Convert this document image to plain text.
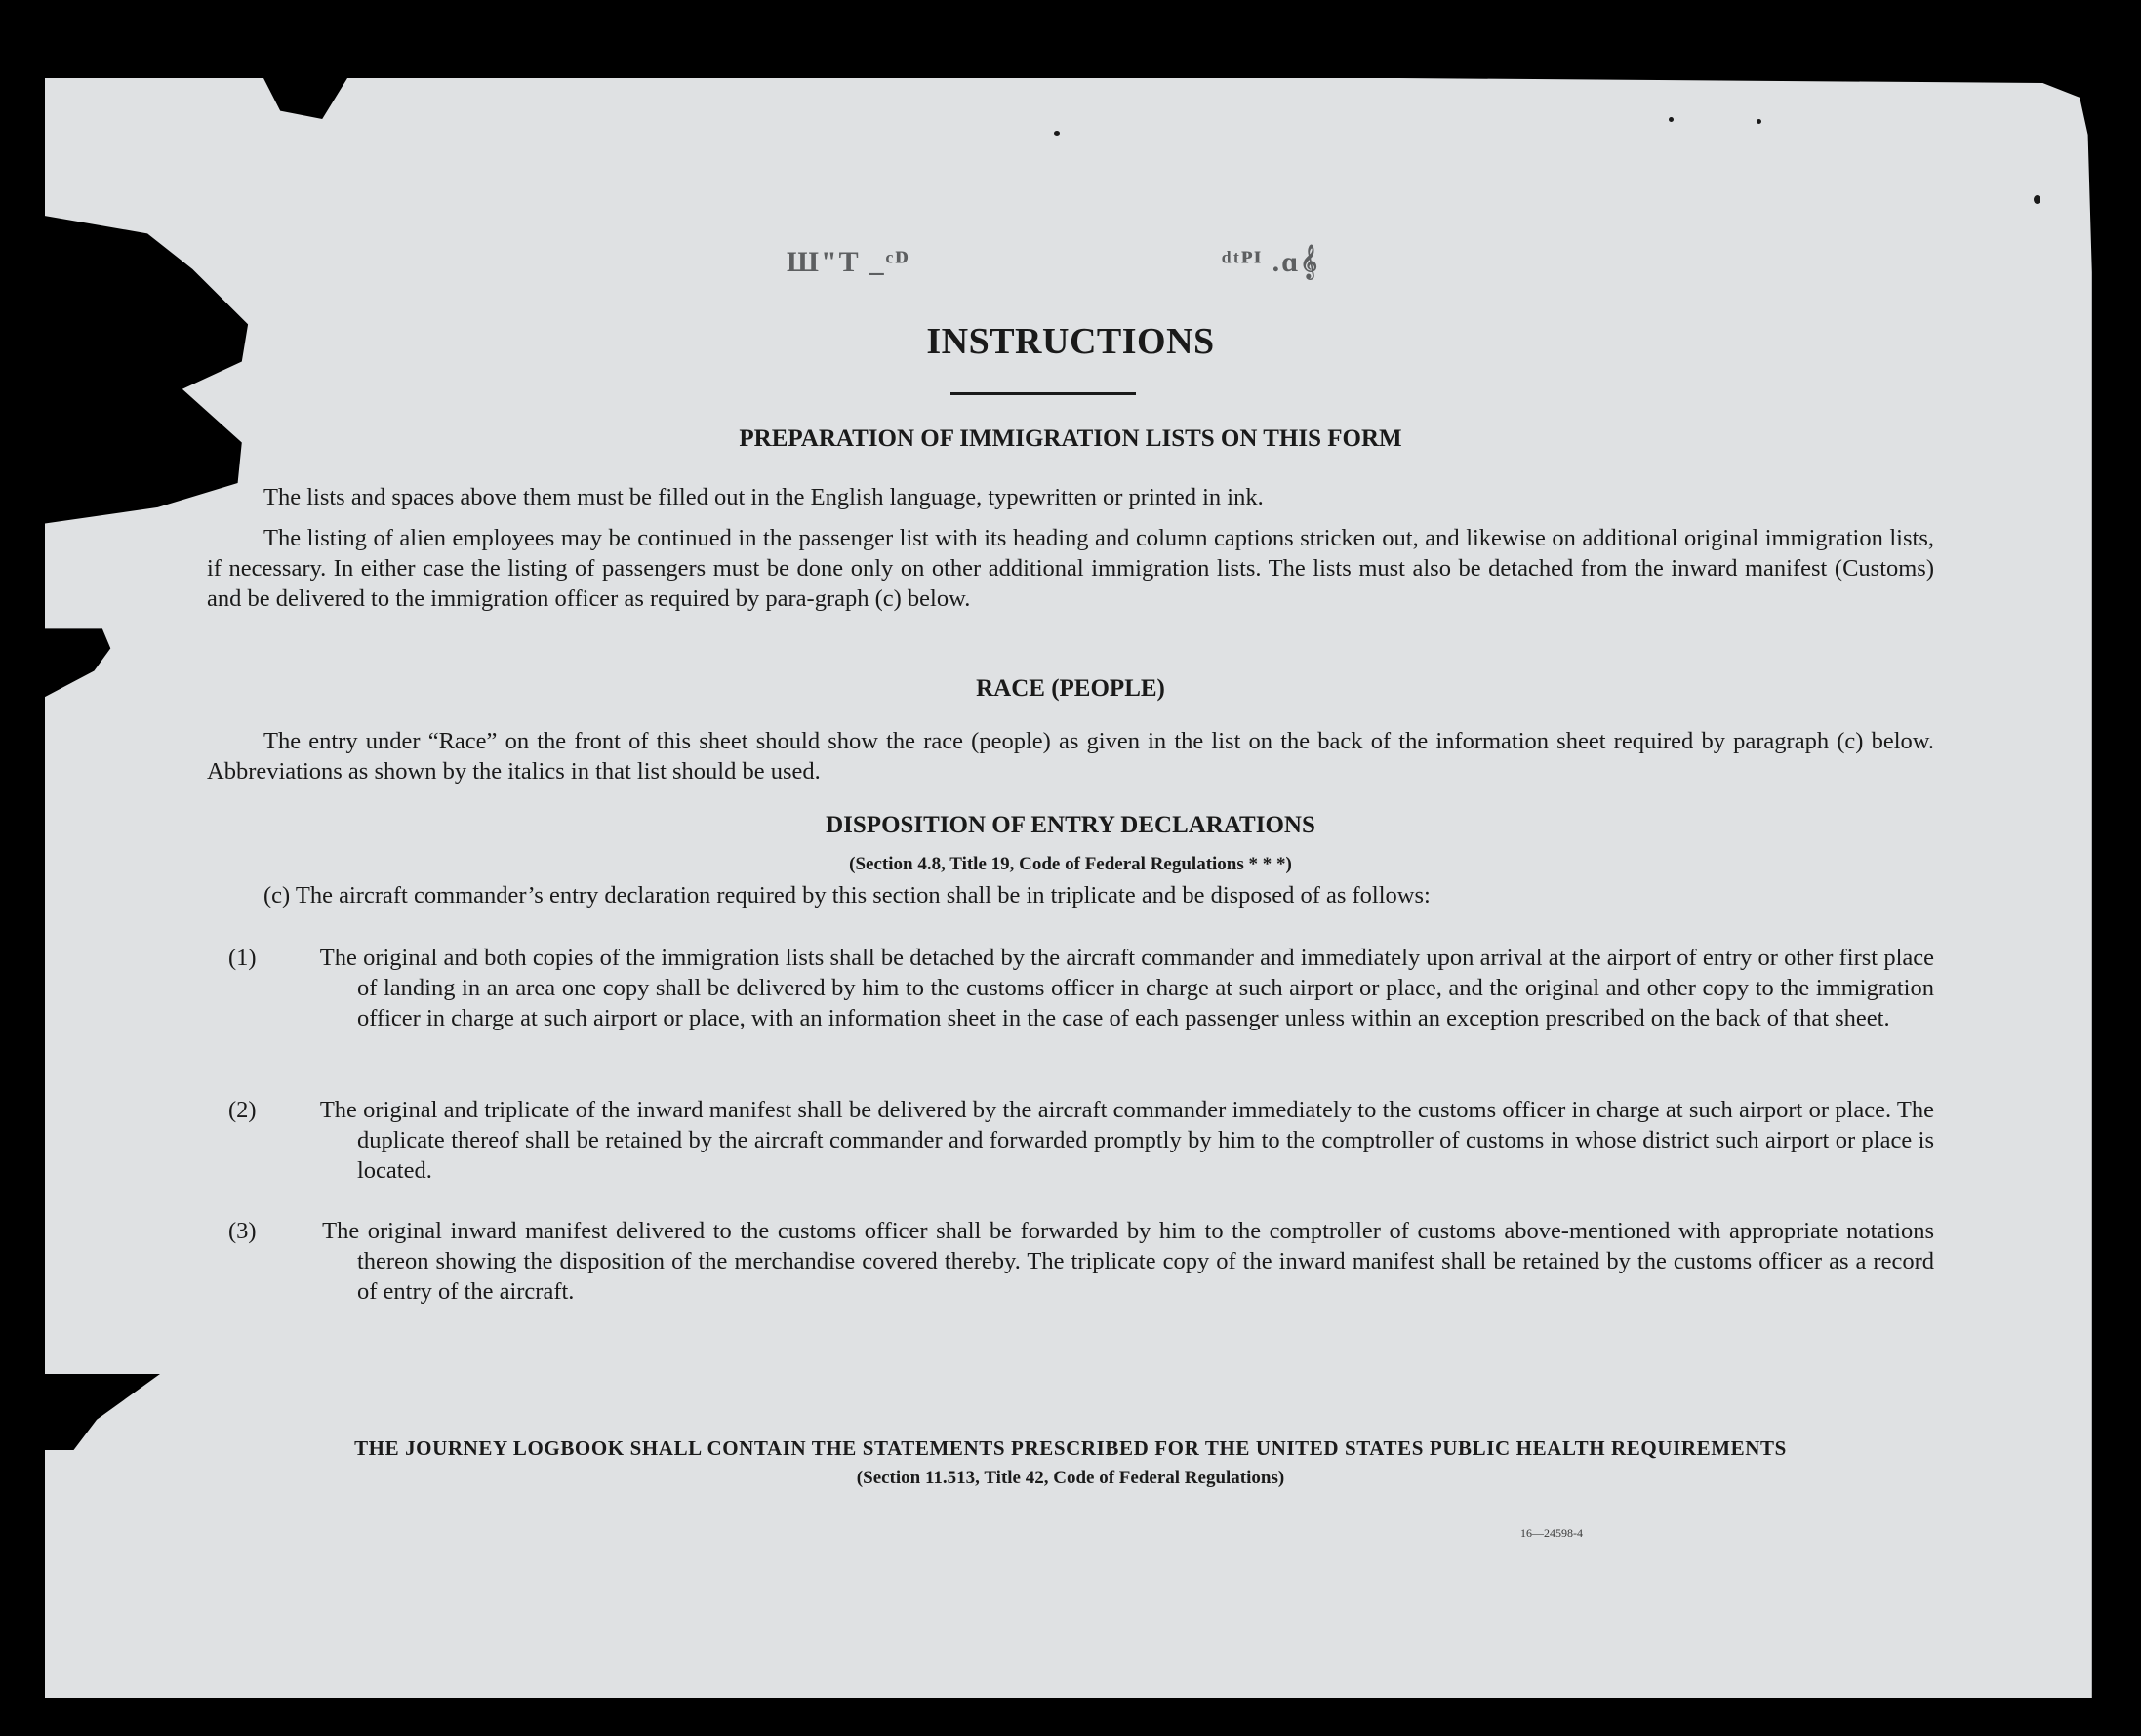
Ш"T _ᶜᴰ	ᵈᵗᴾᴵ .ɑ𝄞
INSTRUCTIONS
PREPARATION OF IMMIGRATION LISTS ON THIS FORM

The lists and spaces above them must be filled out in the English language, typewritten or printed in ink.

The listing of alien employees may be continued in the passenger list with its heading and column captions stricken out, and likewise on additional original immigration lists, if necessary. In either case the listing of passengers must be done only on other additional immigration lists. The lists must also be detached from the inward manifest (Customs) and be delivered to the immigration officer as required by para-graph (c) below.

RACE (PEOPLE)

The entry under “Race” on the front of this sheet should show the race (people) as given in the list on the back of the information sheet required by paragraph (c) below. Abbreviations as shown by the italics in that list should be used.

DISPOSITION OF ENTRY DECLARATIONS
(Section 4.8, Title 19, Code of Federal Regulations * * *)

(c) The aircraft commander’s entry declaration required by this section shall be in triplicate and be disposed of as follows:

(1)	The original and both copies of the immigration lists shall be detached by the aircraft commander and immediately upon arrival at the airport of entry or other first place of landing in an area one copy shall be delivered by him to the customs officer in charge at such airport or place, and the original and other copy to the immigration officer in charge at such airport or place, with an information sheet in the case of each passenger unless within an exception prescribed on the back of that sheet.

(2)	The original and triplicate of the inward manifest shall be delivered by the aircraft commander immediately to the customs officer in charge at such airport or place. The duplicate thereof shall be retained by the aircraft commander and forwarded promptly by him to the comptroller of customs in whose district such airport or place is located.

(3)	The original inward manifest delivered to the customs officer shall be forwarded by him to the comptroller of customs above-mentioned with appropriate notations thereon showing the disposition of the merchandise covered thereby. The triplicate copy of the inward manifest shall be retained by the customs officer as a record of entry of the aircraft.

THE JOURNEY LOGBOOK SHALL CONTAIN THE STATEMENTS PRESCRIBED FOR THE UNITED STATES PUBLIC HEALTH REQUIREMENTS
(Section 11.513, Title 42, Code of Federal Regulations)
16—24598-4
